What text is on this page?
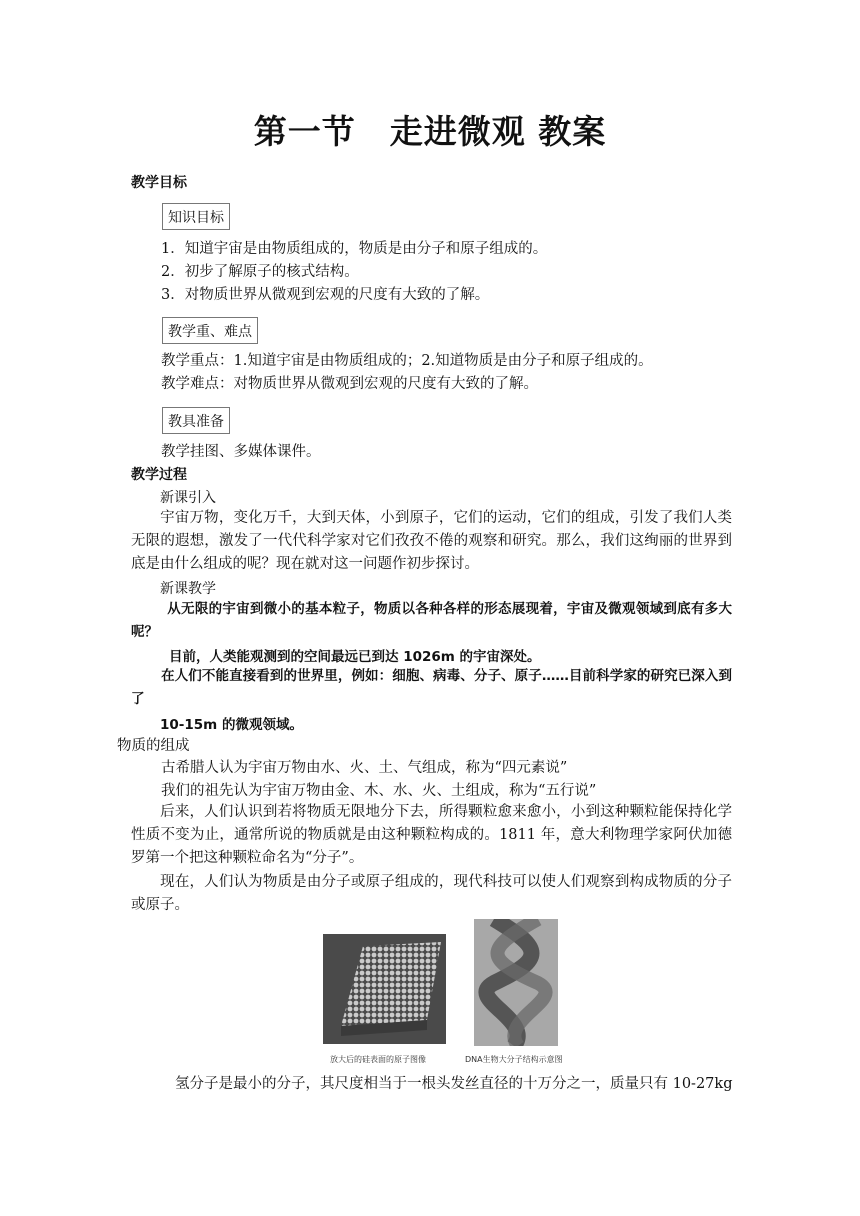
第一节　走进微观 教案
教学目标
知识目标
1．知道宇宙是由物质组成的，物质是由分子和原子组成的。
2．初步了解原子的核式结构。
3．对物质世界从微观到宏观的尺度有大致的了解。
教学重、难点
教学重点：1.知道宇宙是由物质组成的；2.知道物质是由分子和原子组成的。
教学难点：对物质世界从微观到宏观的尺度有大致的了解。
教具准备
教学挂图、多媒体课件。
教学过程
新课引入
宇宙万物，变化万千，大到天体，小到原子，它们的运动，它们的组成，引发了我们人类无限的遐想，激发了一代代科学家对它们孜孜不倦的观察和研究。那么，我们这绚丽的世界到底是由什么组成的呢？现在就对这一问题作初步探讨。
新课教学
从无限的宇宙到微小的基本粒子，物质以各种各样的形态展现着，宇宙及微观领域到底有多大呢？
目前，人类能观测到的空间最远已到达 1026m 的宇宙深处。
在人们不能直接看到的世界里，例如：细胞、病毒、分子、原子……目前科学家的研究已深入到了
10-15m 的微观领域。
物质的组成
古希腊人认为宇宙万物由水、火、土、气组成，称为“四元素说”
我们的祖先认为宇宙万物由金、木、水、火、土组成，称为“五行说”
后来，人们认识到若将物质无限地分下去，所得颗粒愈来愈小，小到这种颗粒能保持化学性质不变为止，通常所说的物质就是由这种颗粒构成的。1811 年，意大利物理学家阿伏加德罗第一个把这种颗粒命名为“分子”。
现在，人们认为物质是由分子或原子组成的，现代科技可以使人们观察到构成物质的分子或原子。
放大后的硅表面的原子图像	DNA生物大分子结构示意图
氢分子是最小的分子，其尺度相当于一根头发丝直径的十万分之一，质量只有 10-27kg
